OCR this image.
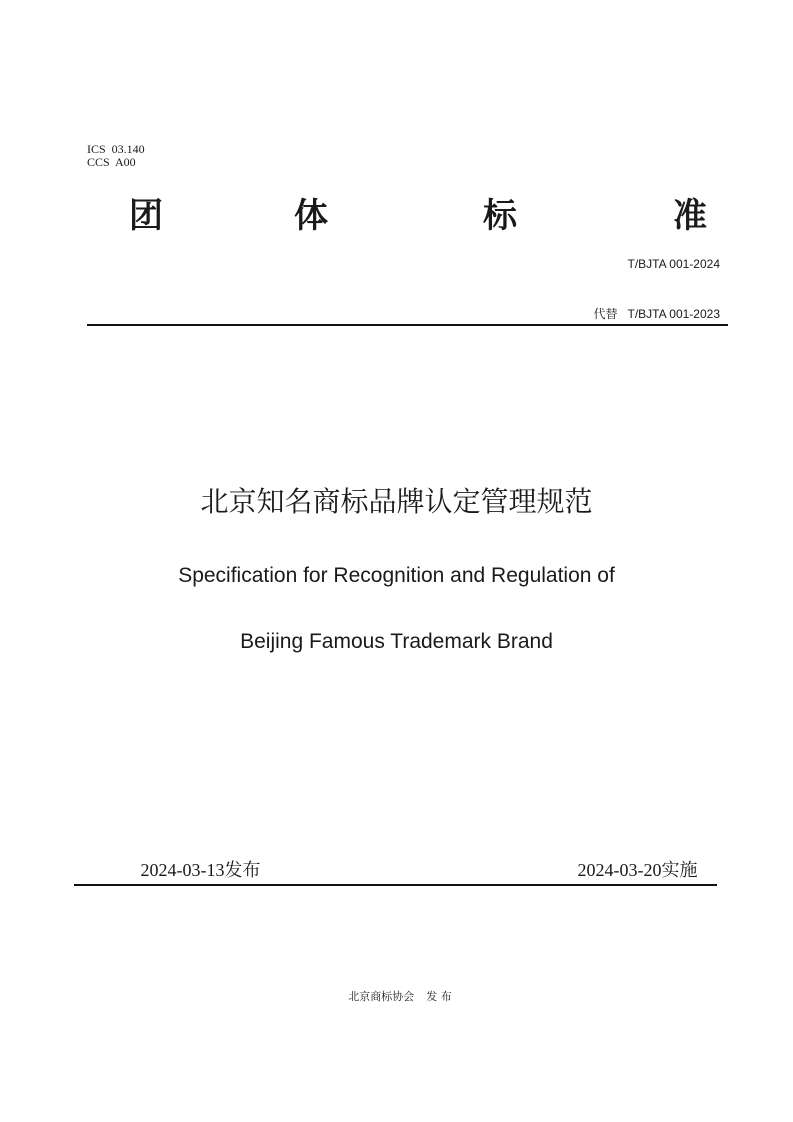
ICS  03.140
CCS  A00
团	体	标	准
T/BJTA 001-2024

代替 T/BJTA 001-2023

北京知名商标品牌认定管理规范
Specification for Recognition and Regulation of
Beijing Famous Trademark Brand

2024-03-13发布	2024-03-20实施

北京商标协会 发 布
